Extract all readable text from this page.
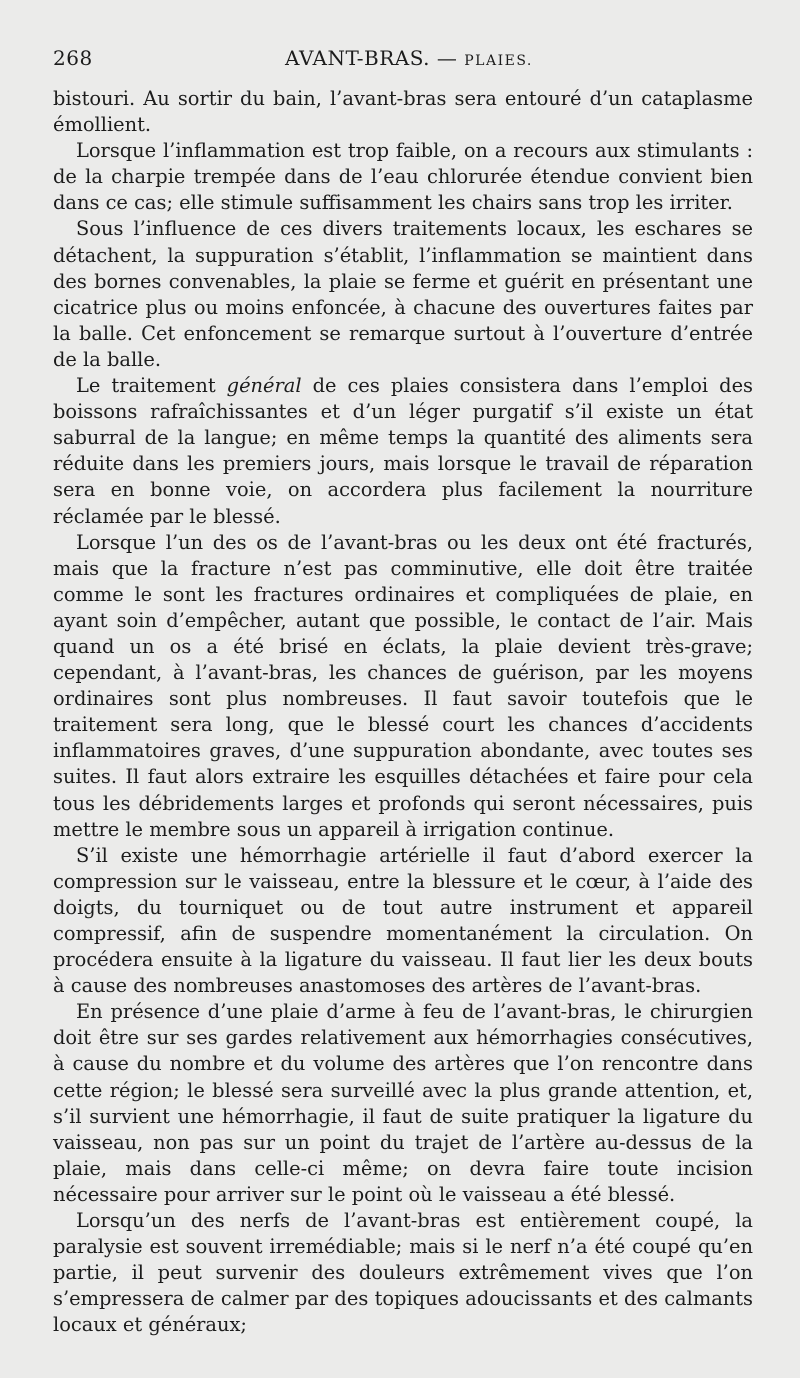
268	AVANT-BRAS. — PLAIES.

bistouri. Au sortir du bain, l’avant-bras sera entouré d’un cataplasme émollient.

Lorsque l’inflammation est trop faible, on a recours aux stimulants : de la charpie trempée dans de l’eau chlorurée étendue convient bien dans ce cas; elle stimule suffisamment les chairs sans trop les irriter.

Sous l’influence de ces divers traitements locaux, les eschares se détachent, la suppuration s’établit, l’inflammation se maintient dans des bornes convenables, la plaie se ferme et guérit en présentant une cicatrice plus ou moins enfoncée, à chacune des ouvertures faites par la balle. Cet enfoncement se remarque surtout à l’ouverture d’entrée de la balle.

Le traitement général de ces plaies consistera dans l’emploi des boissons rafraîchissantes et d’un léger purgatif s’il existe un état saburral de la langue; en même temps la quantité des aliments sera réduite dans les premiers jours, mais lorsque le travail de réparation sera en bonne voie, on accordera plus facilement la nourriture réclamée par le blessé.

Lorsque l’un des os de l’avant-bras ou les deux ont été fracturés, mais que la fracture n’est pas comminutive, elle doit être traitée comme le sont les fractures ordinaires et compliquées de plaie, en ayant soin d’empêcher, autant que possible, le contact de l’air. Mais quand un os a été brisé en éclats, la plaie devient très-grave; cependant, à l’avant-bras, les chances de guérison, par les moyens ordinaires sont plus nombreuses. Il faut savoir toutefois que le traitement sera long, que le blessé court les chances d’accidents inflammatoires graves, d’une suppuration abondante, avec toutes ses suites. Il faut alors extraire les esquilles détachées et faire pour cela tous les débridements larges et profonds qui seront nécessaires, puis mettre le membre sous un appareil à irrigation continue.

S’il existe une hémorrhagie artérielle il faut d’abord exercer la compression sur le vaisseau, entre la blessure et le cœur, à l’aide des doigts, du tourniquet ou de tout autre instrument et appareil compressif, afin de suspendre momentanément la circulation. On procédera ensuite à la ligature du vaisseau. Il faut lier les deux bouts à cause des nombreuses anastomoses des artères de l’avant-bras.

En présence d’une plaie d’arme à feu de l’avant-bras, le chirurgien doit être sur ses gardes relativement aux hémorrhagies consécutives, à cause du nombre et du volume des artères que l’on rencontre dans cette région; le blessé sera surveillé avec la plus grande attention, et, s’il survient une hémorrhagie, il faut de suite pratiquer la ligature du vaisseau, non pas sur un point du trajet de l’artère au-dessus de la plaie, mais dans celle-ci même; on devra faire toute incision nécessaire pour arriver sur le point où le vaisseau a été blessé.

Lorsqu’un des nerfs de l’avant-bras est entièrement coupé, la paralysie est souvent irremédiable; mais si le nerf n’a été coupé qu’en partie, il peut survenir des douleurs extrêmement vives que l’on s’empressera de calmer par des topiques adoucissants et des calmants locaux et généraux;
